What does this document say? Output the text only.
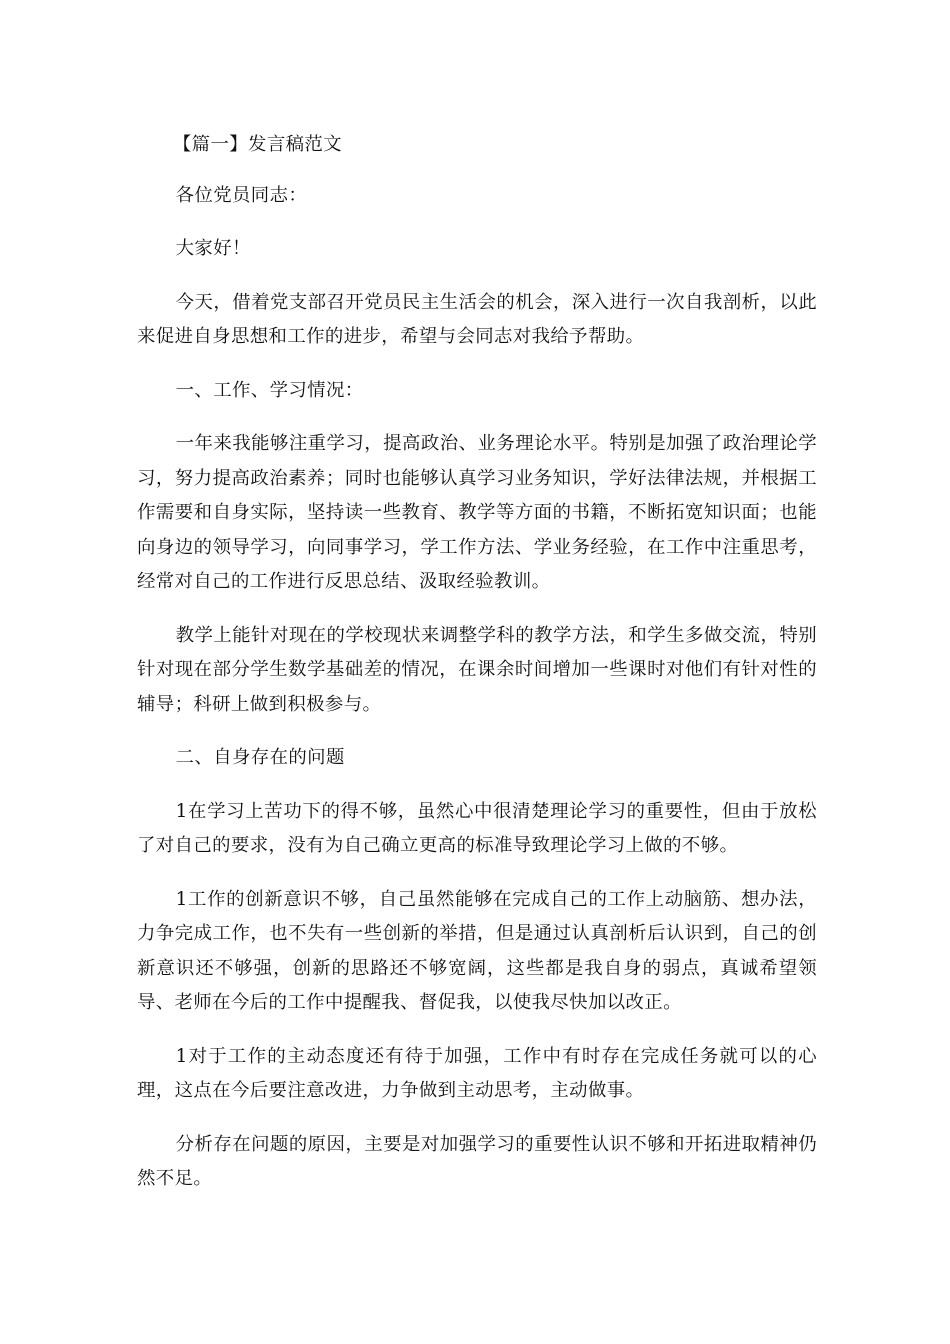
【篇一】发言稿范文

各位党员同志：

大家好！

今天，借着党支部召开党员民主生活会的机会，深入进行一次自我剖析，以此来促进自身思想和工作的进步，希望与会同志对我给予帮助。

一、工作、学习情况：

一年来我能够注重学习，提高政治、业务理论水平。特别是加强了政治理论学习，努力提高政治素养；同时也能够认真学习业务知识，学好法律法规，并根据工作需要和自身实际，坚持读一些教育、教学等方面的书籍，不断拓宽知识面；也能向身边的领导学习，向同事学习，学工作方法、学业务经验，在工作中注重思考，经常对自己的工作进行反思总结、汲取经验教训。

教学上能针对现在的学校现状来调整学科的教学方法，和学生多做交流，特别针对现在部分学生数学基础差的情况，在课余时间增加一些课时对他们有针对性的辅导；科研上做到积极参与。

二、自身存在的问题

1在学习上苦功下的得不够，虽然心中很清楚理论学习的重要性，但由于放松了对自己的要求，没有为自己确立更高的标准导致理论学习上做的不够。

1工作的创新意识不够，自己虽然能够在完成自己的工作上动脑筋、想办法，力争完成工作，也不失有一些创新的举措，但是通过认真剖析后认识到，自己的创新意识还不够强，创新的思路还不够宽阔，这些都是我自身的弱点，真诚希望领导、老师在今后的工作中提醒我、督促我，以使我尽快加以改正。

1对于工作的主动态度还有待于加强，工作中有时存在完成任务就可以的心理，这点在今后要注意改进，力争做到主动思考，主动做事。

分析存在问题的原因，主要是对加强学习的重要性认识不够和开拓进取精神仍然不足。
